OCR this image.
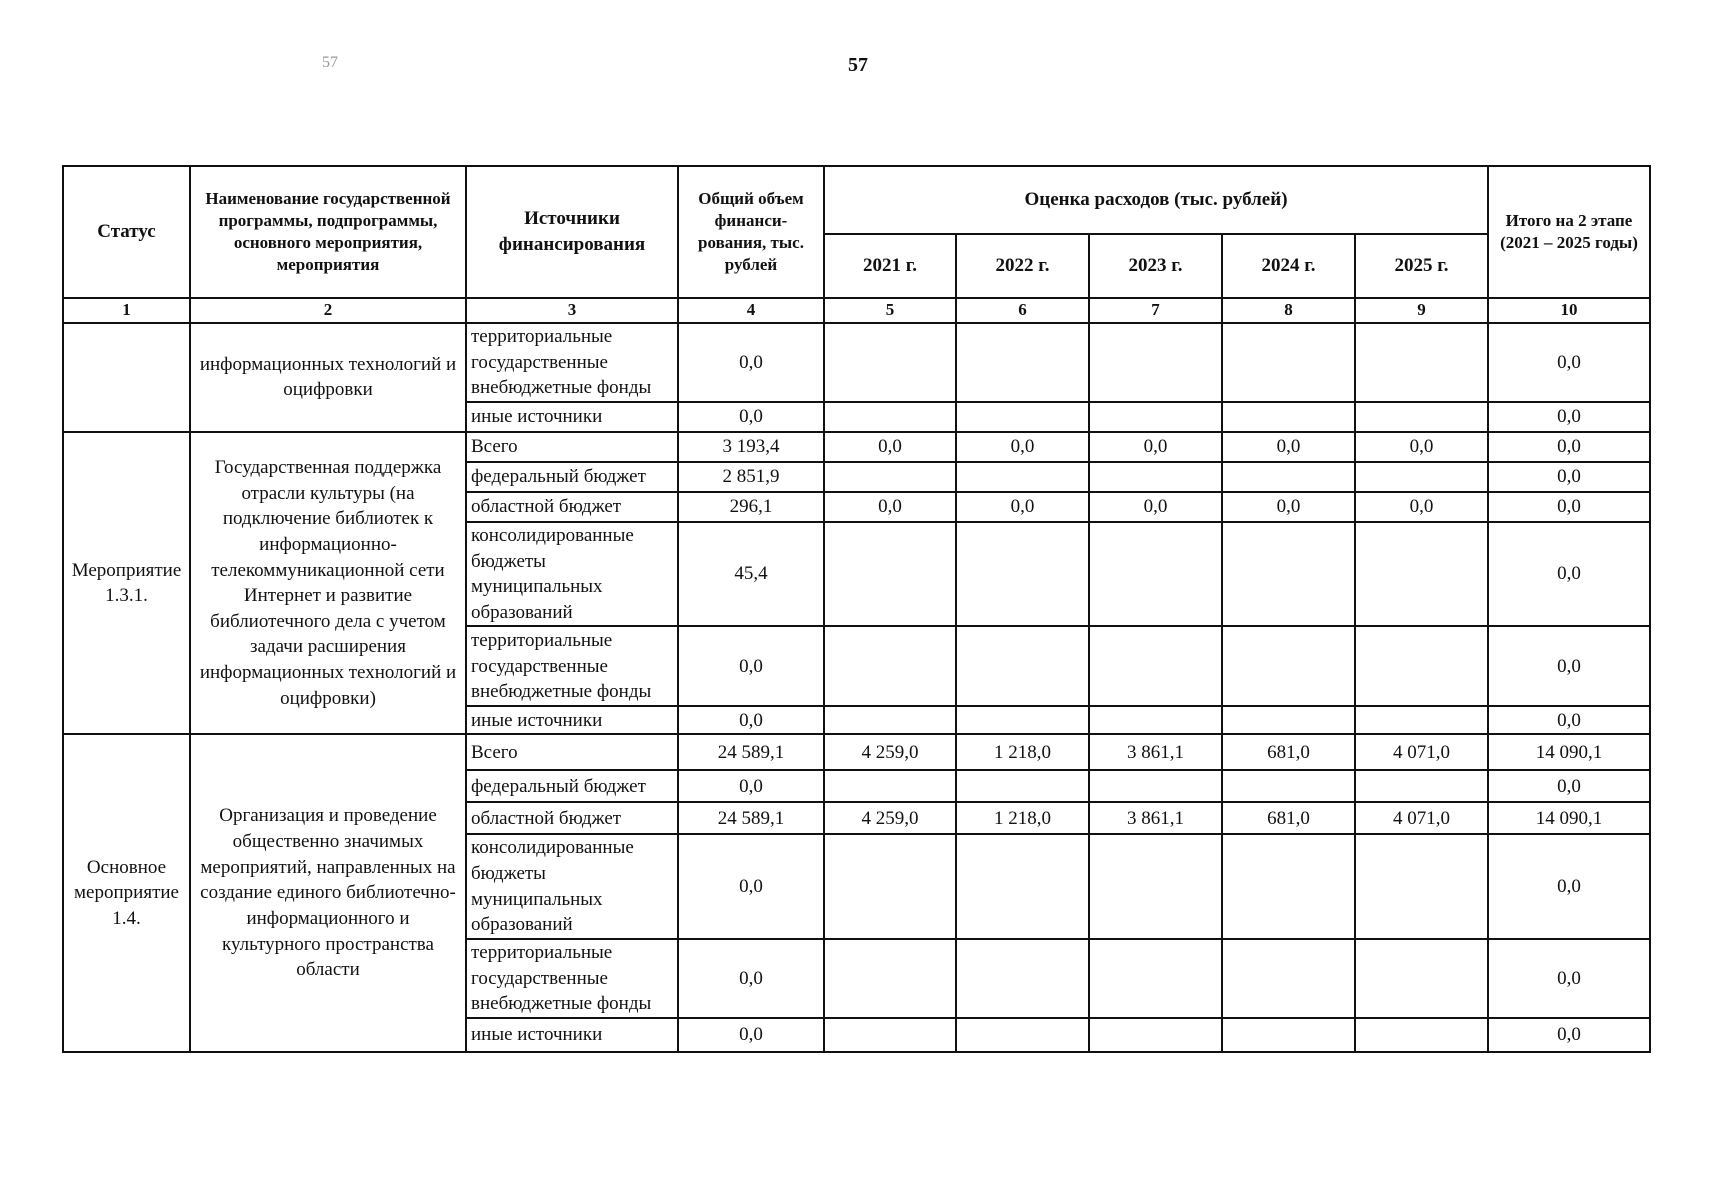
57	57
Статус	Наименование государственной программы, подпрограммы, основного мероприятия, мероприятия	Источники финансирования	Общий объем финанси-рования, тыс. рублей	Оценка расходов (тыс. рублей)					Итого на 2 этапе (2021 – 2025 годы)
				2021 г.	2022 г.	2023 г.	2024 г.	2025 г.	
1	2	3	4	5	6	7	8	9	10
	информационных технологий и оцифровки	территориальные государственные внебюджетные фонды	0,0						0,0
		иные источники	0,0						0,0
Мероприятие 1.3.1.	Государственная поддержка отрасли культуры (на подключение библиотек к информационно-телекоммуникационной сети Интернет и развитие библиотечного дела с учетом задачи расширения информационных технологий и оцифровки)	Всего	3 193,4	0,0	0,0	0,0	0,0	0,0	0,0
		федеральный бюджет	2 851,9						0,0
		областной бюджет	296,1	0,0	0,0	0,0	0,0	0,0	0,0
		консолидированные бюджеты муниципальных образований	45,4						0,0
		территориальные государственные внебюджетные фонды	0,0						0,0
		иные источники	0,0						0,0
Основное мероприятие 1.4.	Организация и проведение общественно значимых мероприятий, направленных на создание единого библиотечно-информационного и культурного пространства области	Всего	24 589,1	4 259,0	1 218,0	3 861,1	681,0	4 071,0	14 090,1
		федеральный бюджет	0,0						0,0
		областной бюджет	24 589,1	4 259,0	1 218,0	3 861,1	681,0	4 071,0	14 090,1
		консолидированные бюджеты муниципальных образований	0,0						0,0
		территориальные государственные внебюджетные фонды	0,0						0,0
		иные источники	0,0						0,0
